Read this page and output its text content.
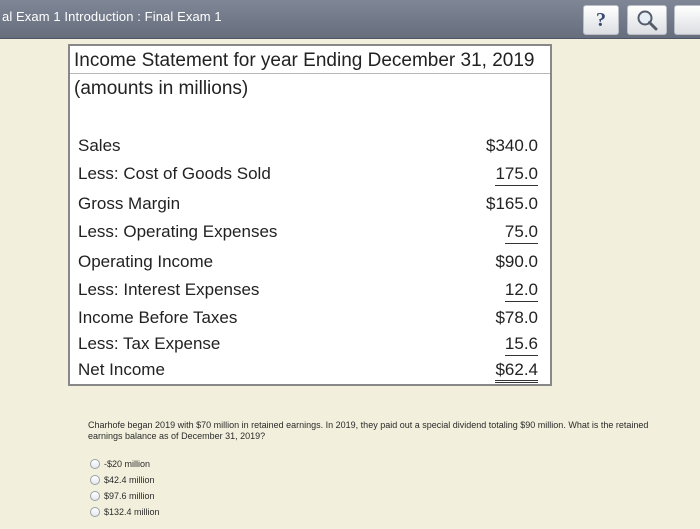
al Exam 1 Introduction : Final Exam 1	?
Income Statement for year Ending December 31, 2019
(amounts in millions)
Sales	$340.0
Less: Cost of Goods Sold	175.0
Gross Margin	$165.0
Less: Operating Expenses	75.0
Operating Income	$90.0
Less: Interest Expenses	12.0
Income Before Taxes	$78.0
Less: Tax Expense	15.6
Net Income	$62.4
Charhofe began 2019 with $70 million in retained earnings. In 2019, they paid out a special dividend totaling $90 million. What is the retained earnings balance as of December 31, 2019?
-$20 million
$42.4 million
$97.6 million
$132.4 million
